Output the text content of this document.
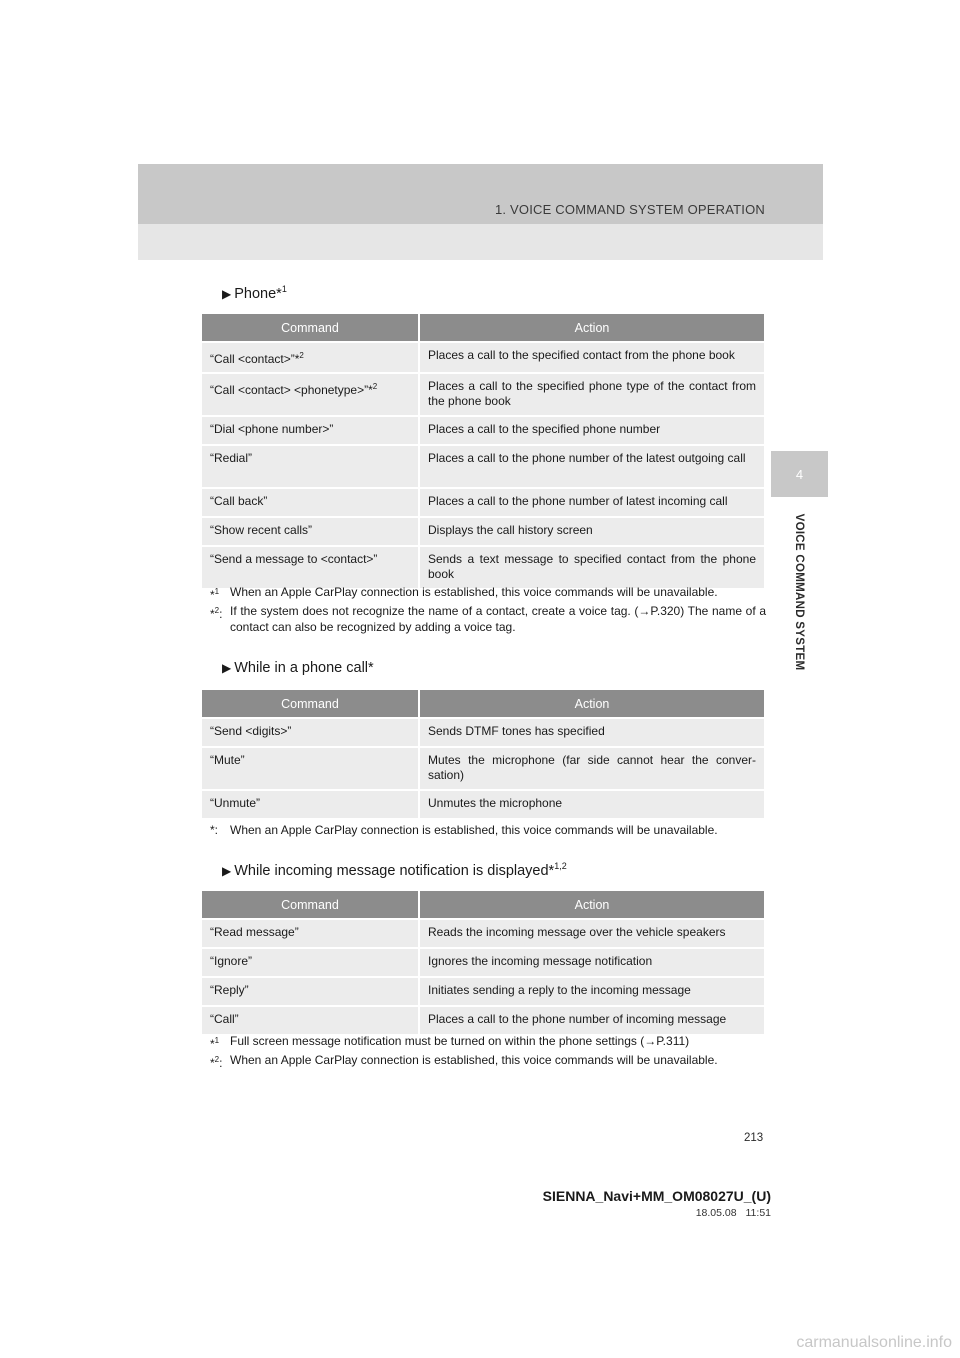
1. VOICE COMMAND SYSTEM OPERATION
4
VOICE COMMAND SYSTEM
▶ Phone*$^1$
Command	Action
“Call <contact>”*$^2$	Places a call to the specified contact from the phone book
“Call <contact> <phonetype>”*$^2$	Places a call to the specified phone type of the contact from the phone book
“Dial <phone number>”	Places a call to the specified phone number
“Redial”	Places a call to the phone number of the latest outgoing call
“Call back”	Places a call to the phone number of latest incoming call
“Show recent calls”	Displays the call history screen
“Send a message to <contact>”	Sends a text message to specified contact from the phone book
*$^1$ When an Apple CarPlay connection is established, this voice commands will be unavailable.
*$^2$: If the system does not recognize the name of a contact, create a voice tag. (→P.320) The name of a contact can also be recognized by adding a voice tag.
▶ While in a phone call*
Command	Action
“Send <digits>”	Sends DTMF tones has specified
“Mute”	Mutes the microphone (far side cannot hear the conver-sation)
“Unmute”	Unmutes the microphone
*: When an Apple CarPlay connection is established, this voice commands will be unavailable.
▶ While incoming message notification is displayed*$^{1,2}$
Command	Action
“Read message”	Reads the incoming message over the vehicle speakers
“Ignore”	Ignores the incoming message notification
“Reply”	Initiates sending a reply to the incoming message
“Call”	Places a call to the phone number of incoming message
*$^1$ Full screen message notification must be turned on within the phone settings (→P.311)
*$^2$: When an Apple CarPlay connection is established, this voice commands will be unavailable.
213
SIENNA_Navi+MM_OM08027U_(U)
18.05.08 11:51
carmanualsonline.info
